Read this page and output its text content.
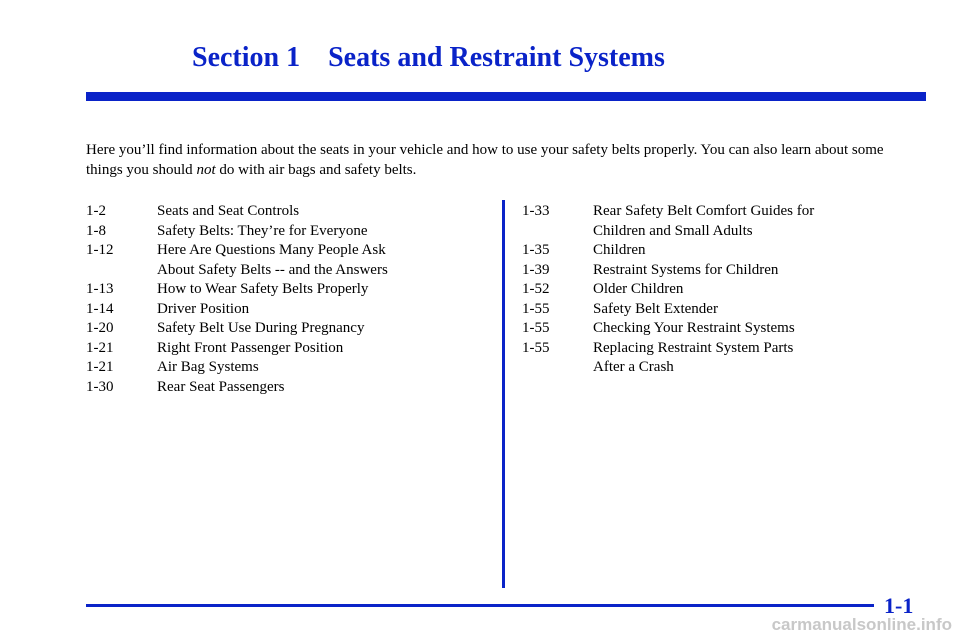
Section 1    Seats and Restraint Systems

Here you’ll find information about the seats in your vehicle and how to use your safety belts properly. You can also learn about some things you should not do with air bags and safety belts.

1-2	Seats and Seat Controls
1-8	Safety Belts: They’re for Everyone
1-12	Here Are Questions Many People Ask
About Safety Belts -- and the Answers
1-13	How to Wear Safety Belts Properly
1-14	Driver Position
1-20	Safety Belt Use During Pregnancy
1-21	Right Front Passenger Position
1-21	Air Bag Systems
1-30	Rear Seat Passengers
1-33	Rear Safety Belt Comfort Guides for
Children and Small Adults
1-35	Children
1-39	Restraint Systems for Children
1-52	Older Children
1-55	Safety Belt Extender
1-55	Checking Your Restraint Systems
1-55	Replacing Restraint System Parts
After a Crash

1-1

carmanualsonline.info
